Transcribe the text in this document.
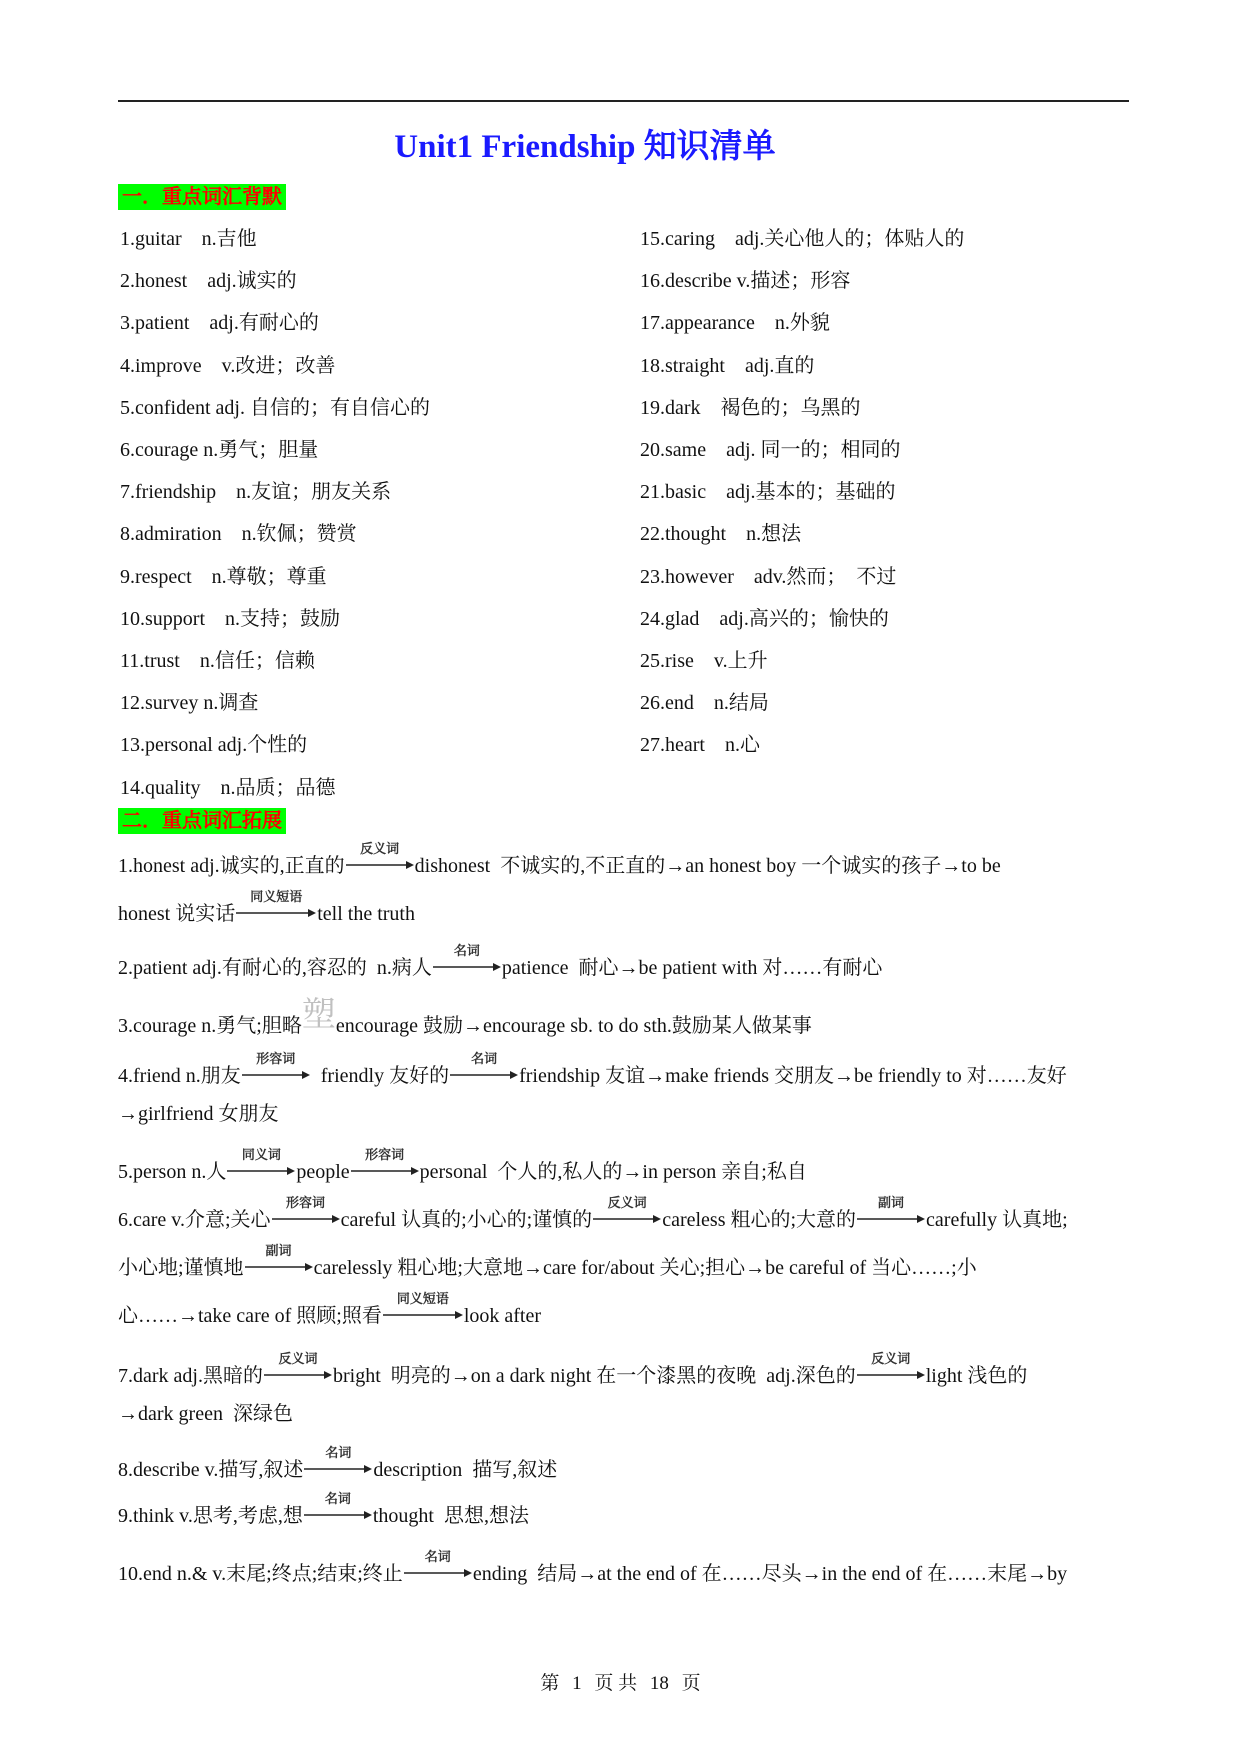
Unit1 Friendship 知识清单
一．重点词汇背默
1.guitar    n.吉他
2.honest    adj.诚实的
3.patient    adj.有耐心的
4.improve    v.改进；改善
5.confident adj. 自信的；有自信心的
6.courage n.勇气；胆量
7.friendship    n.友谊；朋友关系
8.admiration    n.钦佩；赞赏
9.respect    n.尊敬；尊重
10.support    n.支持；鼓励
11.trust    n.信任；信赖
12.survey n.调查
13.personal adj.个性的
14.quality    n.品质；品德
15.caring    adj.关心他人的；体贴人的
16.describe v.描述；形容
17.appearance    n.外貌
18.straight    adj.直的
19.dark    褐色的；乌黑的
20.same    adj. 同一的；相同的
21.basic    adj.基本的；基础的
22.thought    n.想法
23.however    adv.然而；  不过
24.glad    adj.高兴的；愉快的
25.rise    v.上升
26.end    n.结局
27.heart    n.心
二．重点词汇拓展
1.honest adj.诚实的,正直的
反义词
dishonest  不诚实的,不正直的→an honest boy 一个诚实的孩子→to be
honest 说实话
同义短语
tell the truth
2.patient adj.有耐心的,容忍的  n.病人
名词
patience  耐心→be patient with 对……有耐心
3.courage n.勇气;胆略塑encourage 鼓励→encourage sb. to do sth.鼓励某人做某事
4.friend n.朋友
形容词
friendly 友好的
名词
friendship 友谊→make friends 交朋友→be friendly to 对……友好
→girlfriend 女朋友
5.person n.人
同义词
people
形容词
personal  个人的,私人的→in person 亲自;私自
6.care v.介意;关心
形容词
careful 认真的;小心的;谨慎的
反义词
careless 粗心的;大意的
副词
carefully 认真地;
小心地;谨慎地
副词
carelessly 粗心地;大意地→care for/about 关心;担心→be careful of 当心……;小
心……→take care of 照顾;照看
同义短语
look after
7.dark adj.黑暗的
反义词
bright  明亮的→on a dark night 在一个漆黑的夜晚  adj.深色的
反义词
light 浅色的
→dark green  深绿色
8.describe v.描写,叙述
名词
description  描写,叙述
9.think v.思考,考虑,想
名词
thought  思想,想法
10.end n.& v.末尾;终点;结束;终止
名词
ending  结局→at the end of 在……尽头→in the end of 在……末尾→by
第 1 页 共 18 页
